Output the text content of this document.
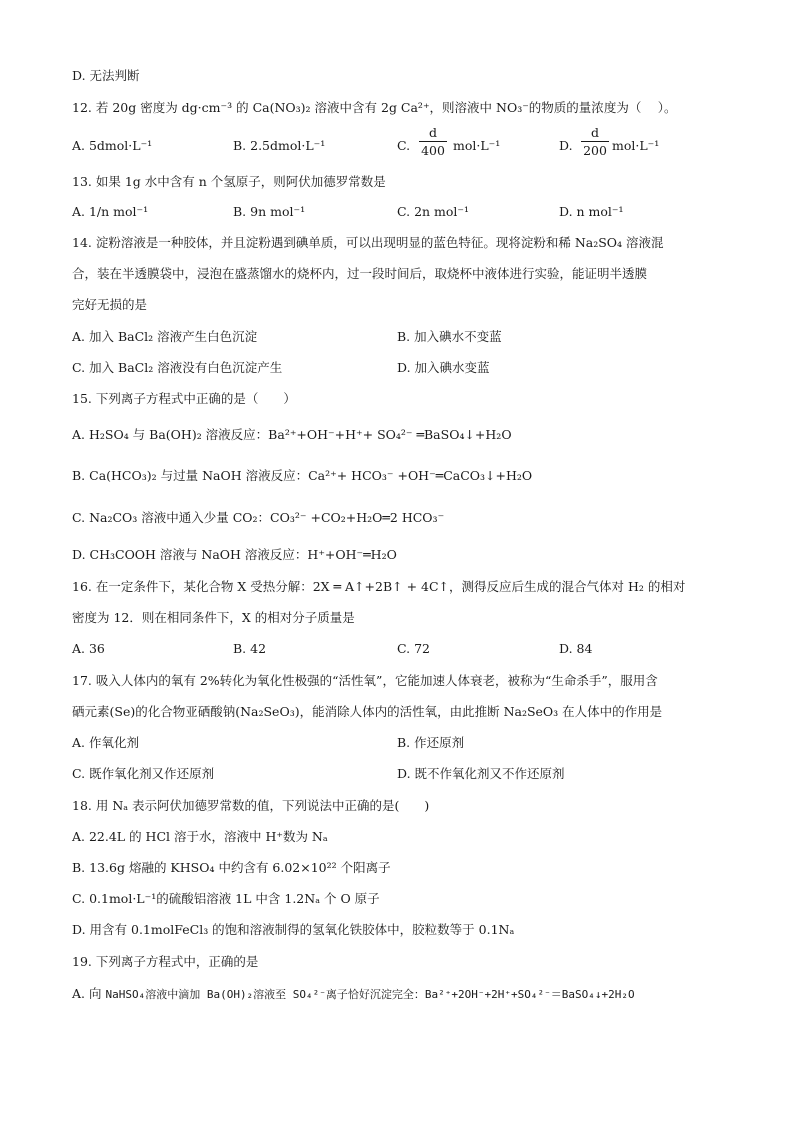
D. 无法判断
12. 若 20g 密度为 dg·cm⁻³ 的 Ca(NO₃)₂ 溶液中含有 2g Ca²⁺，则溶液中 NO₃⁻的物质的量浓度为（　 ）。
A. 5dmol·L⁻¹	B. 2.5dmol·L⁻¹	C.
d
400 mol·L⁻¹	D.
d
200 mol·L⁻¹
13. 如果 1g 水中含有 n 个氢原子，则阿伏加德罗常数是
A. 1/n mol⁻¹	B. 9n mol⁻¹	C. 2n mol⁻¹	D. n mol⁻¹
14. 淀粉溶液是一种胶体，并且淀粉遇到碘单质，可以出现明显的蓝色特征。现将淀粉和稀 Na₂SO₄ 溶液混
合，装在半透膜袋中，浸泡在盛蒸馏水的烧杯内，过一段时间后，取烧杯中液体进行实验，能证明半透膜
完好无损的是
A. 加入 BaCl₂ 溶液产生白色沉淀	B. 加入碘水不变蓝
C. 加入 BaCl₂ 溶液没有白色沉淀产生	D. 加入碘水变蓝
15. 下列离子方程式中正确的是（　　）
A. H₂SO₄ 与 Ba(OH)₂ 溶液反应：Ba²⁺+OH⁻+H⁺+ SO₄²⁻ ═BaSO₄↓+H₂O
B. Ca(HCO₃)₂ 与过量 NaOH 溶液反应：Ca²⁺+ HCO₃⁻ +OH⁻═CaCO₃↓+H₂O
C. Na₂CO₃ 溶液中通入少量 CO₂：CO₃²⁻ +CO₂+H₂O═2 HCO₃⁻
D. CH₃COOH 溶液与 NaOH 溶液反应：H⁺+OH⁻═H₂O
16. 在一定条件下，某化合物 X 受热分解：2X ═ A↑+2B↑ + 4C↑，测得反应后生成的混合气体对 H₂ 的相对
密度为 12．则在相同条件下，X 的相对分子质量是
A. 36	B. 42	C. 72	D. 84
17. 吸入人体内的氧有 2%转化为氧化性极强的“活性氧”，它能加速人体衰老，被称为“生命杀手”，服用含
硒元素(Se)的化合物亚硒酸钠(Na₂SeO₃)，能消除人体内的活性氧，由此推断 Na₂SeO₃ 在人体中的作用是
A. 作氧化剂	B. 作还原剂
C. 既作氧化剂又作还原剂	D. 既不作氧化剂又不作还原剂
18. 用 Nₐ 表示阿伏加德罗常数的值，下列说法中正确的是(　　)
A. 22.4L 的 HCl 溶于水，溶液中 H⁺数为 Nₐ
B. 13.6g 熔融的 KHSO₄ 中约含有 6.02×10²² 个阳离子
C. 0.1mol·L⁻¹的硫酸铝溶液 1L 中含 1.2Nₐ 个 O 原子
D. 用含有 0.1molFeCl₃ 的饱和溶液制得的氢氧化铁胶体中，胶粒数等于 0.1Nₐ
19. 下列离子方程式中，正确的是
A. 向 NaHSO₄溶液中滴加 Ba(OH)₂溶液至 SO₄²⁻离子恰好沉淀完全：Ba²⁺+2OH⁻+2H⁺+SO₄²⁻＝BaSO₄↓+2H₂O
